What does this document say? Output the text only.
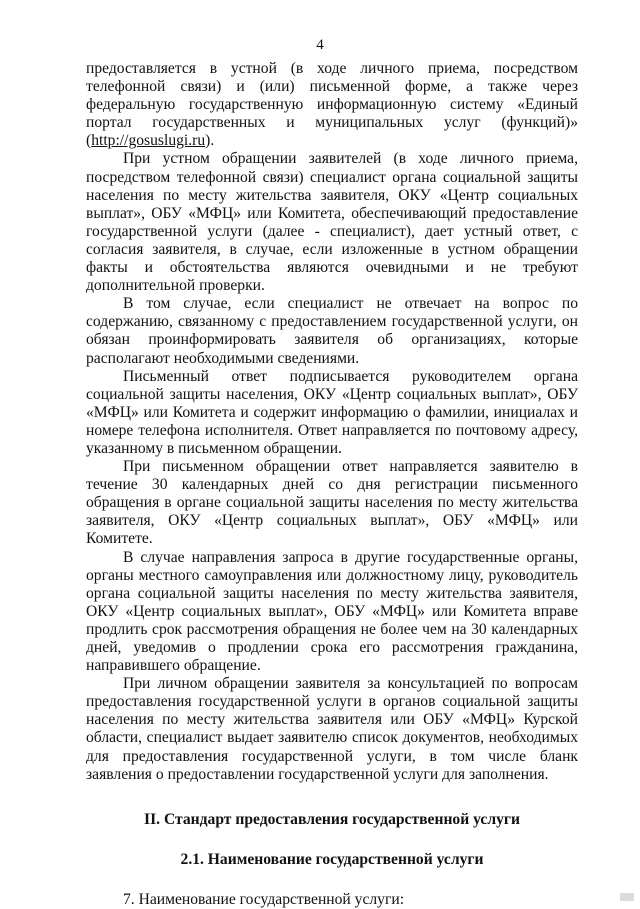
4

предоставляется в устной (в ходе личного приема, посредством телефонной связи) и (или) письменной форме, а также через федеральную государственную информационную систему «Единый портал государственных и муниципальных услуг (функций)» (http://gosuslugi.ru).

При устном обращении заявителей (в ходе личного приема, посредством телефонной связи) специалист органа социальной защиты населения по месту жительства заявителя, ОКУ «Центр социальных выплат», ОБУ «МФЦ» или Комитета, обеспечивающий предоставление государственной услуги (далее - специалист), дает устный ответ, с согласия заявителя, в случае, если изложенные в устном обращении факты и обстоятельства являются очевидными и не требуют дополнительной проверки.

В том случае, если специалист не отвечает на вопрос по содержанию, связанному с предоставлением государственной услуги, он обязан проинформировать заявителя об организациях, которые располагают необходимыми сведениями.

Письменный ответ подписывается руководителем органа социальной защиты населения, ОКУ «Центр социальных выплат», ОБУ «МФЦ» или Комитета и содержит информацию о фамилии, инициалах и номере телефона исполнителя. Ответ направляется по почтовому адресу, указанному в письменном обращении.

При письменном обращении ответ направляется заявителю в течение 30 календарных дней со дня регистрации письменного обращения в органе социальной защиты населения по месту жительства заявителя, ОКУ «Центр социальных выплат», ОБУ «МФЦ» или Комитете.

В случае направления запроса в другие государственные органы, органы местного самоуправления или должностному лицу, руководитель органа социальной защиты населения по месту жительства заявителя, ОКУ «Центр социальных выплат», ОБУ «МФЦ» или Комитета вправе продлить срок рассмотрения обращения не более чем на 30 календарных дней, уведомив о продлении срока его рассмотрения гражданина, направившего обращение.

При личном обращении заявителя за консультацией по вопросам предоставления государственной услуги в органов социальной защиты населения по месту жительства заявителя или ОБУ «МФЦ» Курской области, специалист выдает заявителю список документов, необходимых для предоставления государственной услуги, в том числе бланк заявления о предоставлении государственной услуги для заполнения.

II. Стандарт предоставления государственной услуги

2.1. Наименование государственной услуги

7. Наименование государственной услуги:
